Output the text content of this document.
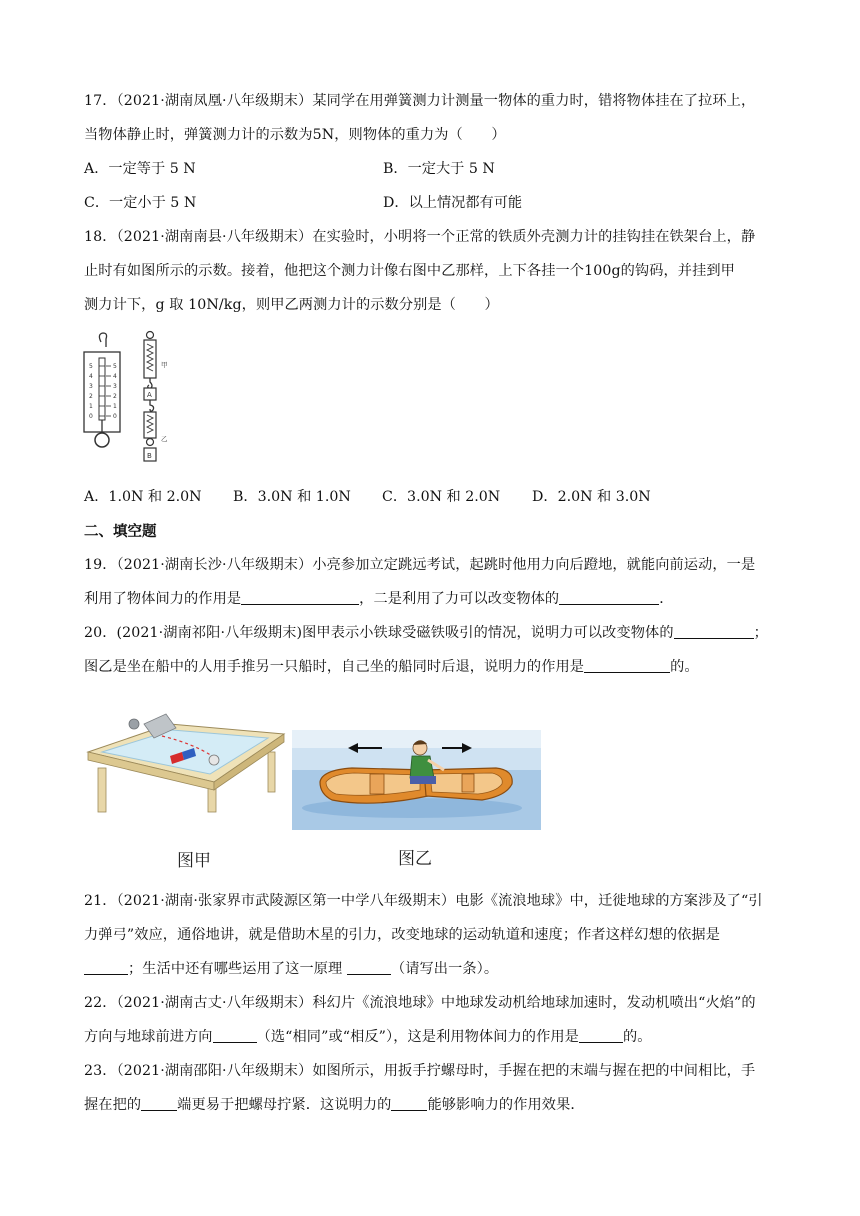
17．（2021·湖南凤凰·八年级期末）某同学在用弹簧测力计测量一物体的重力时，错将物体挂在了拉环上，
当物体静止时，弹簧测力计的示数为5N，则物体的重力为（　　）
A．一定等于 5 N	B．一定大于 5 N
C．一定小于 5 N	D．以上情况都有可能
18．（2021·湖南南县·八年级期末）在实验时，小明将一个正常的铁质外壳测力计的挂钩挂在铁架台上，静
止时有如图所示的示数。接着，他把这个测力计像右图中乙那样，上下各挂一个100g的钩码，并挂到甲
测力计下，g 取 10N/kg，则甲乙两测力计的示数分别是（　　）
5
4
3
2
1
0
5
4
3
2
1
0
甲
A
乙
B
A．1.0N 和 2.0N B．3.0N 和 1.0N C．3.0N 和 2.0N D．2.0N 和 3.0N
二、填空题
19．（2021·湖南长沙·八年级期末）小亮参加立定跳远考试，起跳时他用力向后蹬地，就能向前运动，一是
利用了物体间力的作用是	，二是利用了力可以改变物体的	．
20．(2021·湖南祁阳·八年级期末)图甲表示小铁球受磁铁吸引的情况，说明力可以改变物体的	；
图乙是坐在船中的人用手推另一只船时，自己坐的船同时后退，说明力的作用是	的。
图甲	图乙
21．（2021·湖南·张家界市武陵源区第一中学八年级期末）电影《流浪地球》中，迁徙地球的方案涉及了“引
力弹弓”效应，通俗地讲，就是借助木星的引力，改变地球的运动轨道和速度；作者这样幻想的依据是
；生活中还有哪些运用了这一原理	（请写出一条）。
22．（2021·湖南古丈·八年级期末）科幻片《流浪地球》中地球发动机给地球加速时，发动机喷出“火焰”的
方向与地球前进方向	（选“相同”或“相反”），这是利用物体间力的作用是	的。
23．（2021·湖南邵阳·八年级期末）如图所示，用扳手拧螺母时，手握在把的末端与握在把的中间相比，手
握在把的	端更易于把螺母拧紧．这说明力的	能够影响力的作用效果．
